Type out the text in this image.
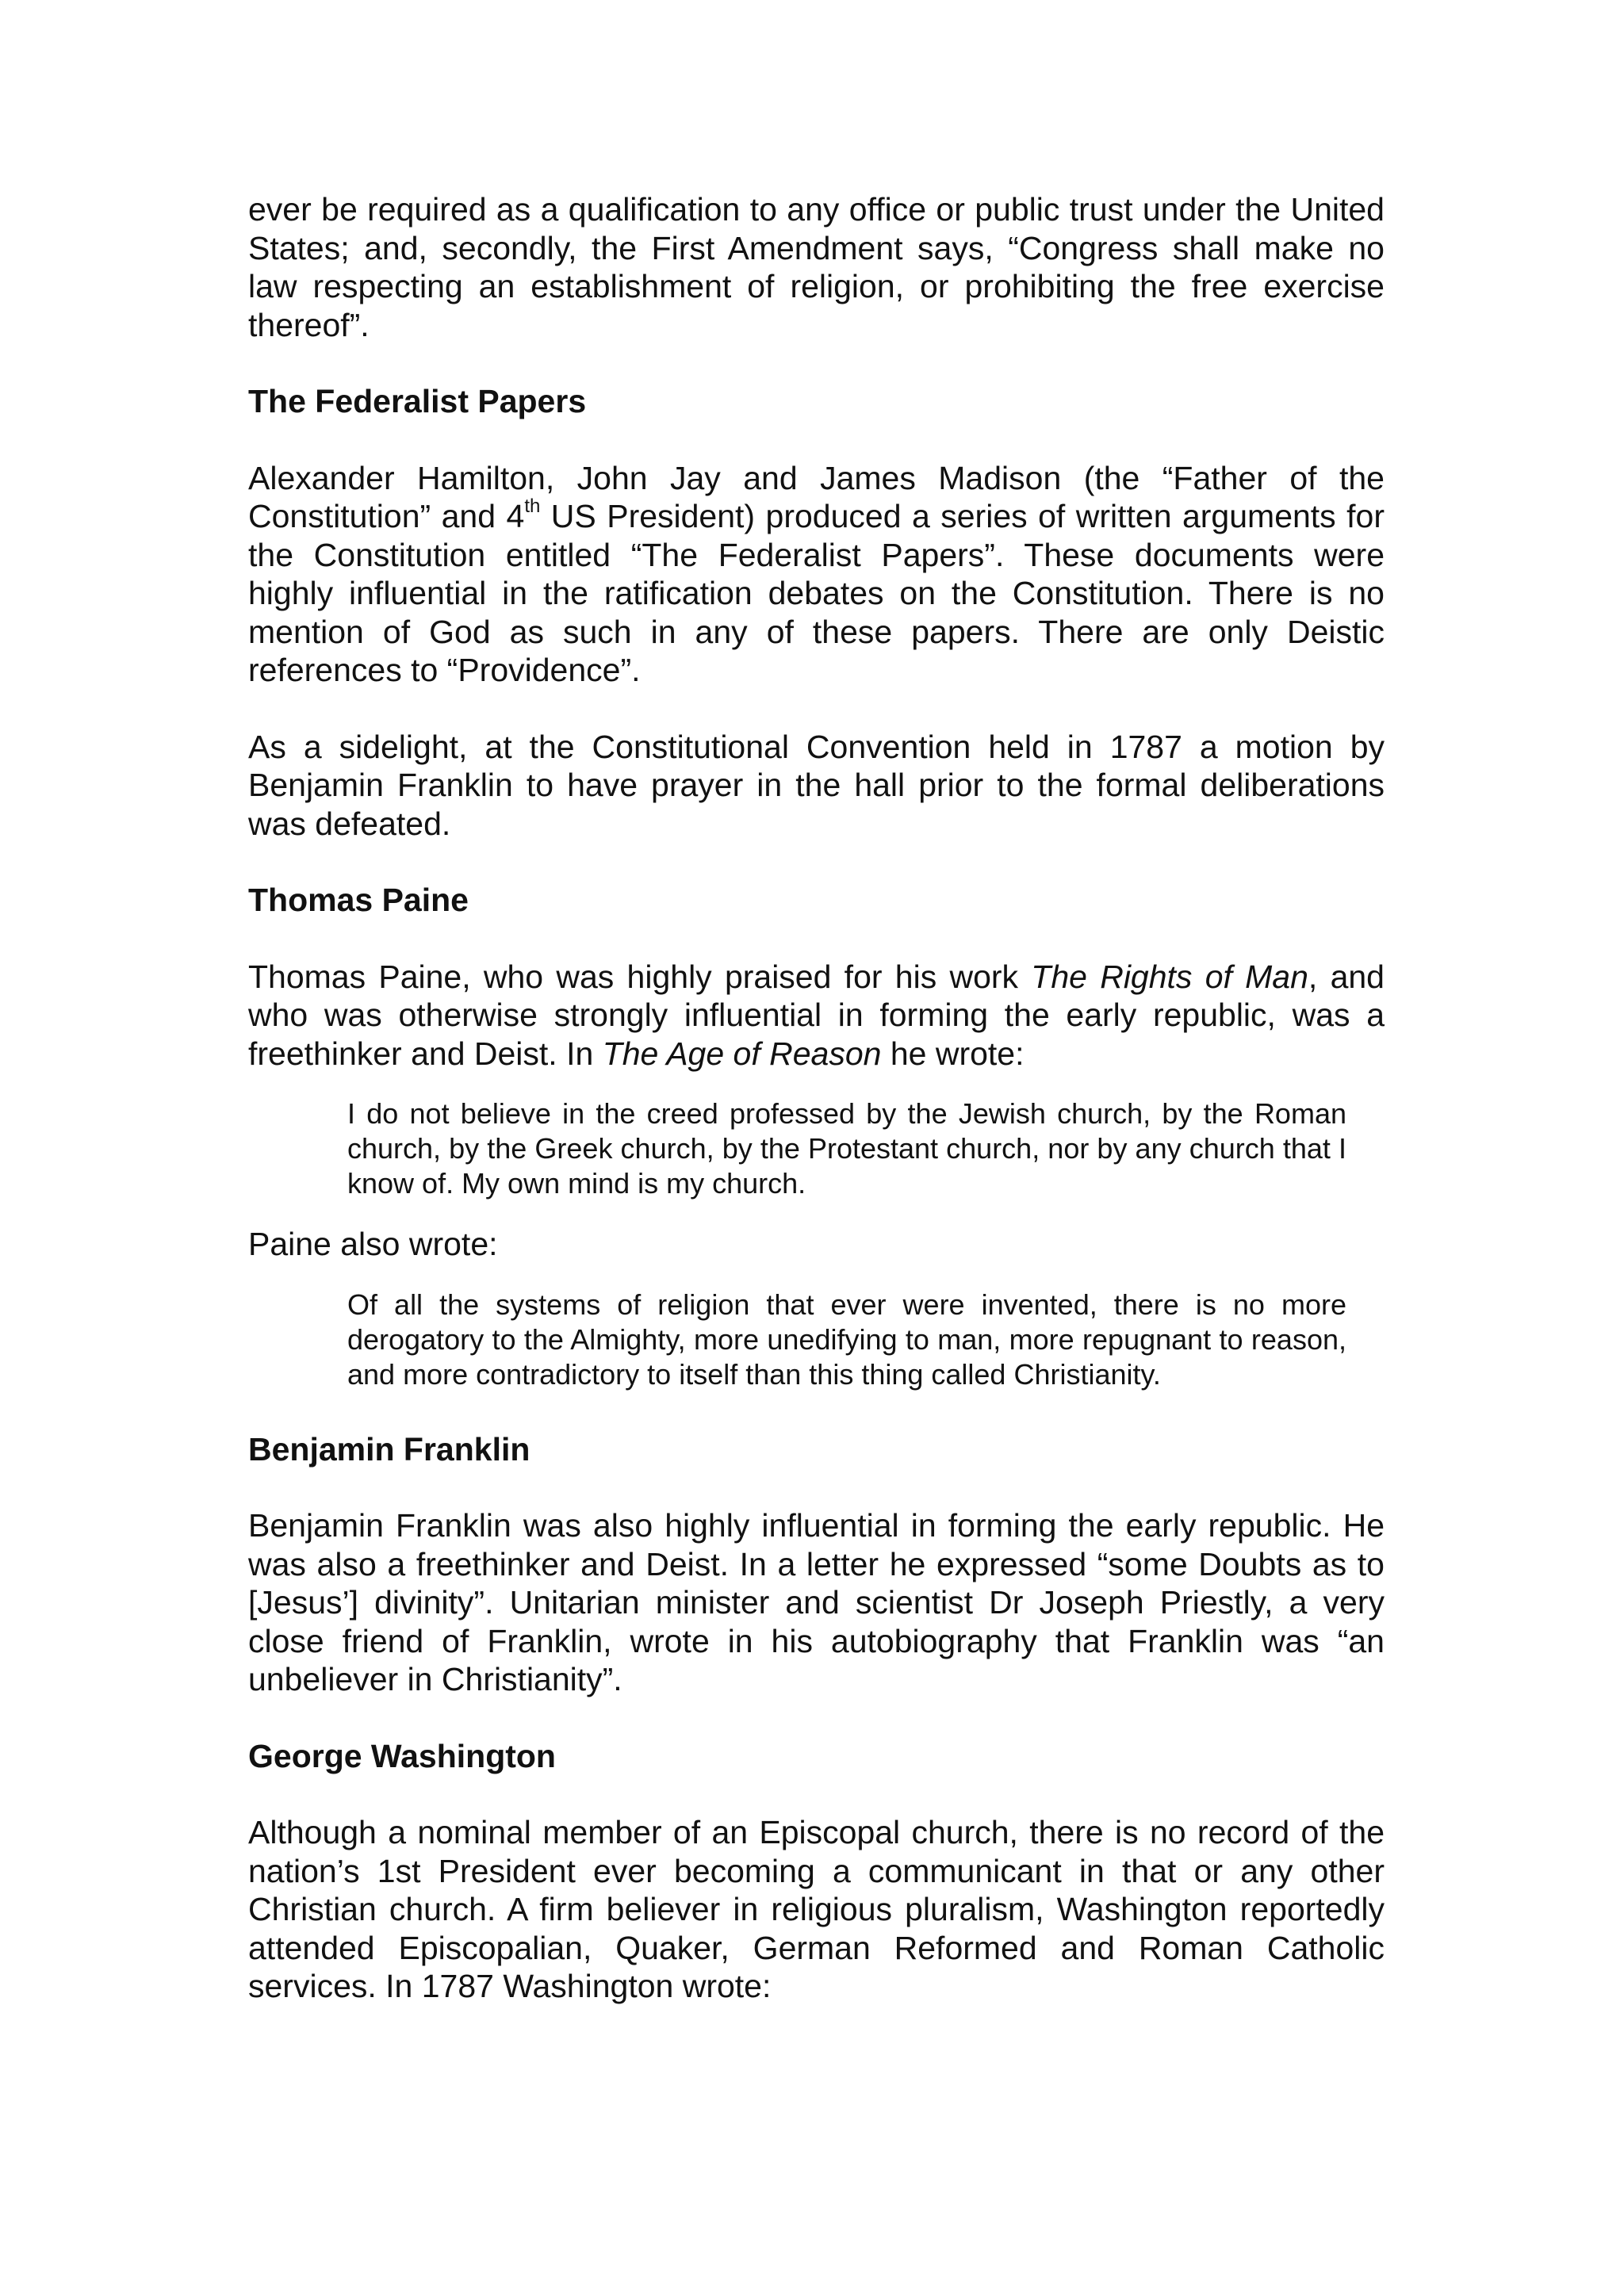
ever be required as a qualification to any office or public trust under the United States; and, secondly, the First Amendment says, “Congress shall make no law respecting an establishment of religion, or prohibiting the free exercise thereof”.

The Federalist Papers

Alexander Hamilton, John Jay and James Madison (the “Father of the Constitution” and 4th US President) produced a series of written arguments for the Constitution entitled “The Federalist Papers”. These documents were highly influential in the ratification debates on the Constitution. There is no mention of God as such in any of these papers. There are only Deistic references to “Providence”.

As a sidelight, at the Constitutional Convention held in 1787 a motion by Benjamin Franklin to have prayer in the hall prior to the formal deliberations was defeated.

Thomas Paine

Thomas Paine, who was highly praised for his work The Rights of Man, and who was otherwise strongly influential in forming the early republic, was a freethinker and Deist. In The Age of Reason he wrote:

I do not believe in the creed professed by the Jewish church, by the Roman church, by the Greek church, by the Protestant church, nor by any church that I know of. My own mind is my church.

Paine also wrote:

Of all the systems of religion that ever were invented, there is no more derogatory to the Almighty, more unedifying to man, more repugnant to reason, and more contradictory to itself than this thing called Christianity.

Benjamin Franklin

Benjamin Franklin was also highly influential in forming the early republic. He was also a freethinker and Deist. In a letter he expressed “some Doubts as to [Jesus’] divinity”. Unitarian minister and scientist Dr Joseph Priestly, a very close friend of Franklin, wrote in his autobiography that Franklin was “an unbeliever in Christianity”.

George Washington

Although a nominal member of an Episcopal church, there is no record of the nation’s 1st President ever becoming a communicant in that or any other Christian church. A firm believer in religious pluralism, Washington reportedly attended Episcopalian, Quaker, German Reformed and Roman Catholic services. In 1787 Washington wrote:
